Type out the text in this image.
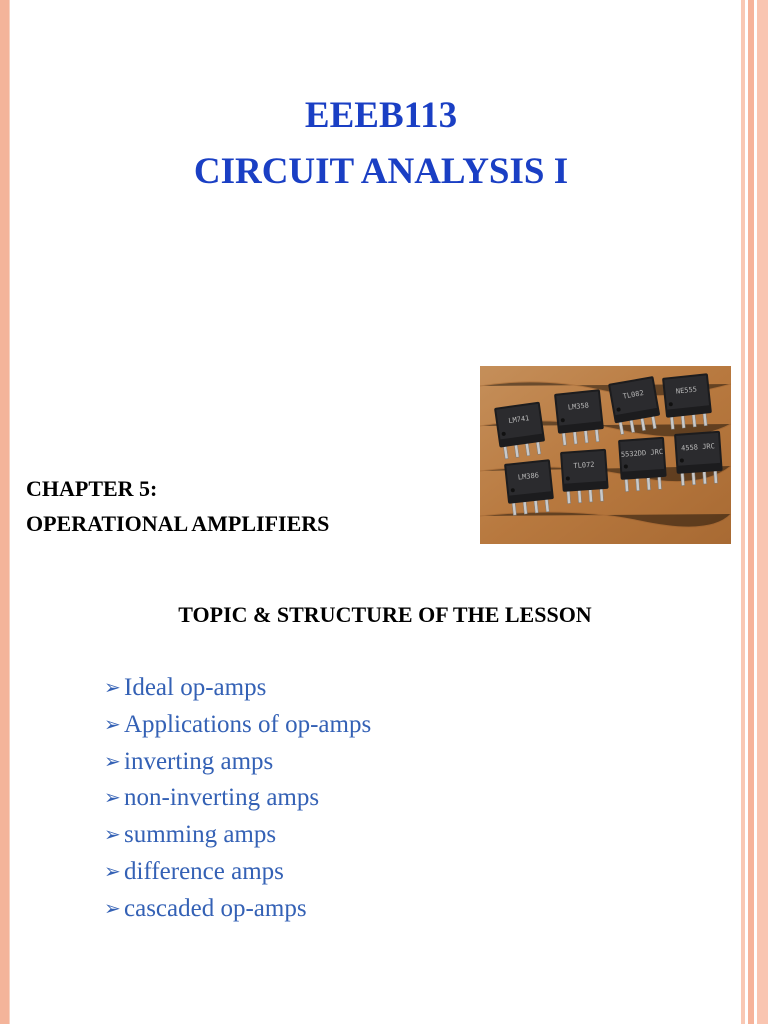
EEEB113
CIRCUIT ANALYSIS I

CHAPTER 5:

OPERATIONAL AMPLIFIERS

LM741
LM358
TL082	NE555
LM386
TL072
5532DD JRC
4558 JRC

TOPIC & STRUCTURE OF THE LESSON

➢ Ideal op-amps
➢ Applications of op-amps
➢ inverting amps
➢ non-inverting amps
➢ summing amps
➢ difference amps
➢ cascaded op-amps
